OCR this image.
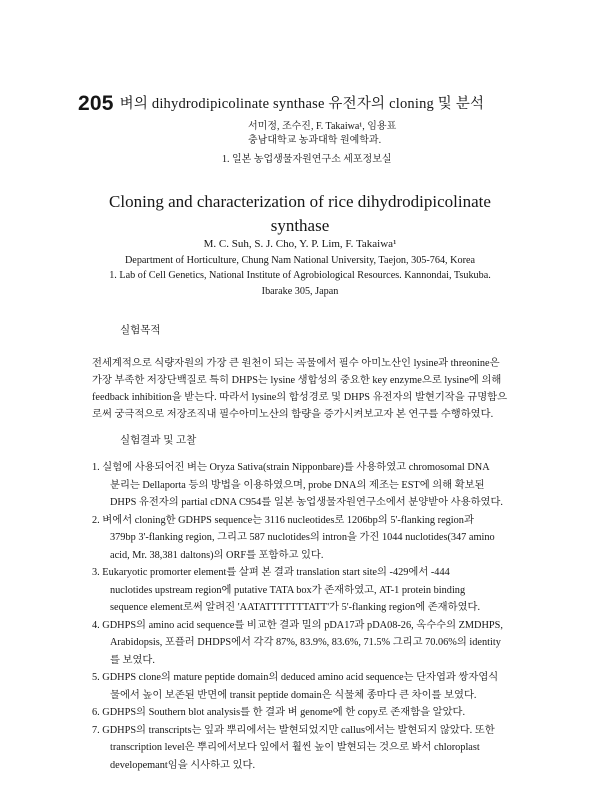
205 벼의 dihydrodipicolinate synthase 유전자의 cloning 및 분석
서미정, 조수진, F. Takaiwa¹, 임용표
충남대학교 농과대학 원예학과.
1. 일본 농업생물자원연구소 세포정보실
Cloning and characterization of rice dihydrodipicolinate
synthase
M. C. Suh, S. J. Cho, Y. P. Lim, F. Takaiwa¹
Department of Horticulture, Chung Nam National University, Taejon, 305-764, Korea
1. Lab of Cell Genetics, National Institute of Agrobiological Resources. Kannondai, Tsukuba.
Ibarake 305, Japan
실험목적
전세계적으로 식량자원의 가장 큰 원천이 되는 곡물에서 필수 아미노산인 lysine과 threonine은
가장 부족한 저장단백질로 특히 DHPS는 lysine 생합성의 중요한 key enzyme으로 lysine에 의해
feedback inhibition을 받는다. 따라서 lysine의 합성경로 및 DHPS 유전자의 발현기작을 규명함으
로써 궁극적으로 저장조직내 필수아미노산의 함량을 증가시켜보고자 본 연구를 수행하였다.
실험결과 및 고찰
1. 실험에 사용되어진 벼는 Oryza Sativa(strain Nipponbare)를 사용하였고 chromosomal DNA
분리는 Dellaporta 등의 방법을 이용하였으며, probe DNA의 제조는 EST에 의해 확보된
DHPS 유전자의 partial cDNA C954를 일본 농업생물자원연구소에서 분양받아 사용하였다.
2. 벼에서 cloning한 GDHPS sequence는 3116 nucleotides로 1206bp의 5'-flanking region과
379bp 3'-flanking region, 그리고 587 nuclotides의 intron을 가진 1044 nuclotides(347 amino
acid, Mr. 38,381 daltons)의 ORF를 포함하고 있다.
3. Eukaryotic promorter element를 살펴 본 결과 translation start site의 -429에서 -444
nuclotides upstream region에 putative TATA box가 존재하였고, AT-1 protein binding
sequence element로써 알려진 'AATATTTTTTTATT'가 5'-flanking region에 존재하였다.
4. GDHPS의 amino acid sequence를 비교한 결과 밀의 pDA17과 pDA08-26, 옥수수의 ZMDHPS,
Arabidopsis, 포플러 DHDPS에서 각각 87%, 83.9%, 83.6%, 71.5% 그리고 70.06%의 identity
를 보였다.
5. GDHPS clone의 mature peptide domain의 deduced amino acid sequence는 단자엽과 쌍자엽식
물에서 높이 보존된 반면에 transit peptide domain은 식물체 종마다 큰 차이를 보였다.
6. GDHPS의 Southern blot analysis를 한 결과 벼 genome에 한 copy로 존재함을 알았다.
7. GDHPS의 transcripts는 잎과 뿌리에서는 발현되었지만 callus에서는 발현되지 않았다. 또한
transcription level은 뿌리에서보다 잎에서 훨씬 높이 발현되는 것으로 봐서 chloroplast
developemant임을 시사하고 있다.
